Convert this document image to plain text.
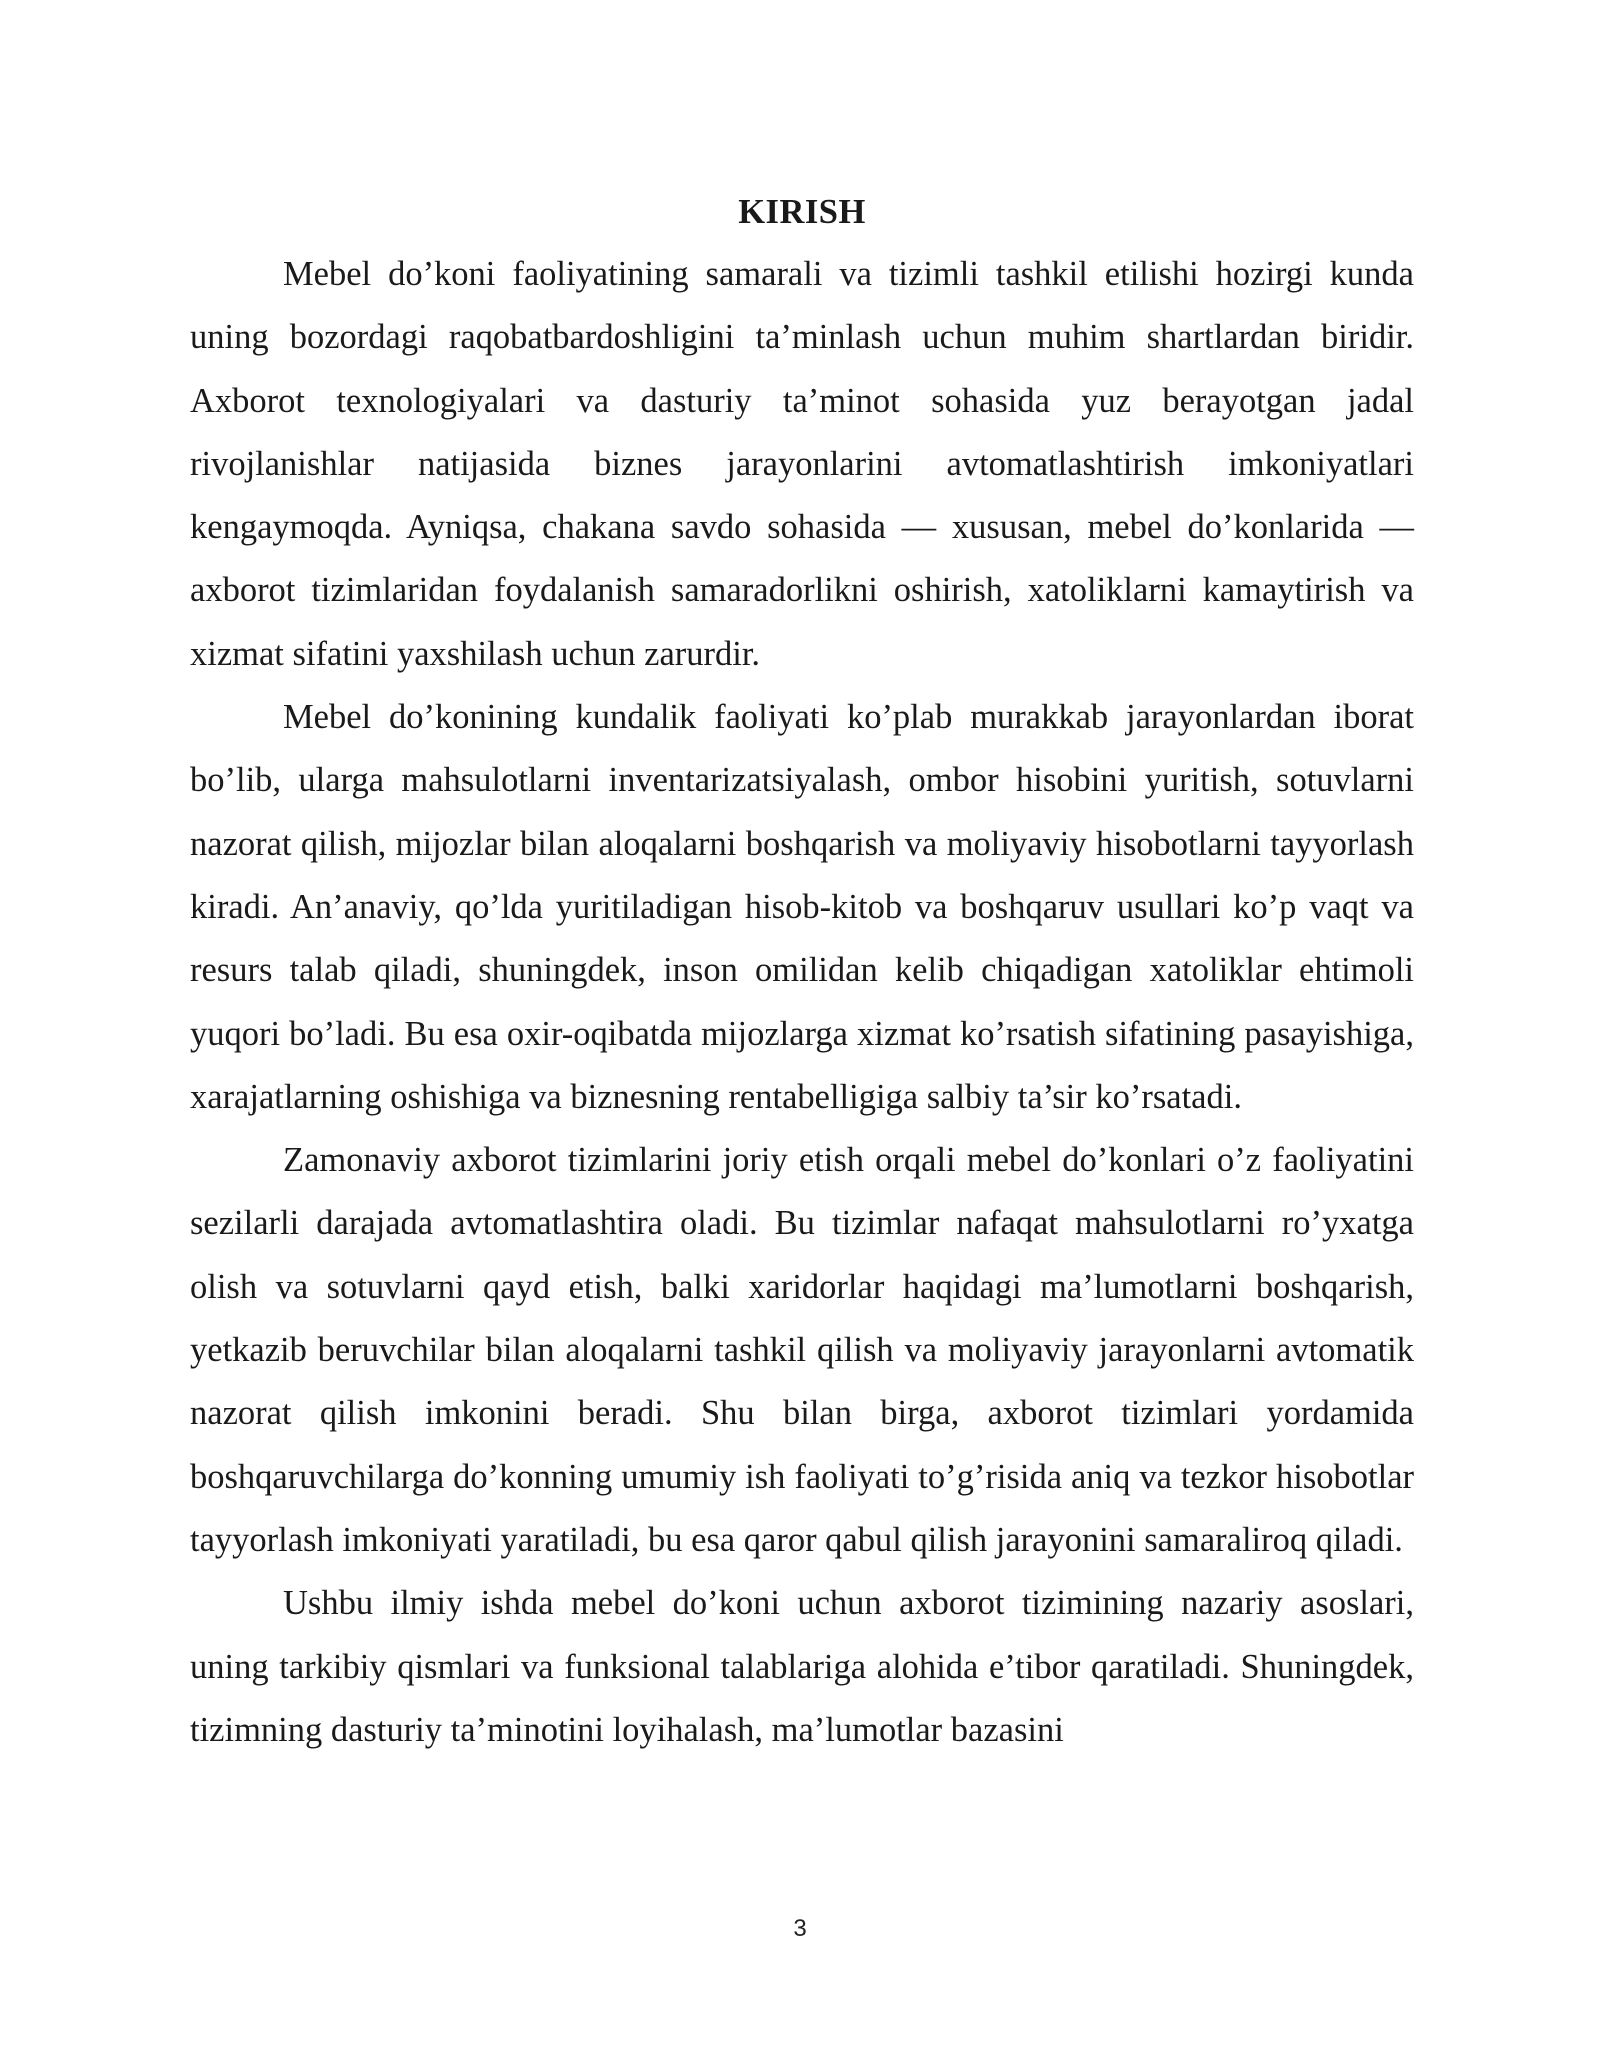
KIRISH

Mebel do’koni faoliyatining samarali va tizimli tashkil etilishi hozirgi kunda uning bozordagi raqobatbardoshligini ta’minlash uchun muhim shartlardan biridir. Axborot texnologiyalari va dasturiy ta’minot sohasida yuz berayotgan jadal rivojlanishlar natijasida biznes jarayonlarini avtomatlashtirish imkoniyatlari kengaymoqda. Ayniqsa, chakana savdo sohasida — xususan, mebel do’konlarida — axborot tizimlaridan foydalanish samaradorlikni oshirish, xatoliklarni kamaytirish va xizmat sifatini yaxshilash uchun zarurdir.

Mebel do’konining kundalik faoliyati ko’plab murakkab jarayonlardan iborat bo’lib, ularga mahsulotlarni inventarizatsiyalash, ombor hisobini yuritish, sotuvlarni nazorat qilish, mijozlar bilan aloqalarni boshqarish va moliyaviy hisobotlarni tayyorlash kiradi. An’anaviy, qo’lda yuritiladigan hisob-kitob va boshqaruv usullari ko’p vaqt va resurs talab qiladi, shuningdek, inson omilidan kelib chiqadigan xatoliklar ehtimoli yuqori bo’ladi. Bu esa oxir-oqibatda mijozlarga xizmat ko’rsatish sifatining pasayishiga, xarajatlarning oshishiga va biznesning rentabelligiga salbiy ta’sir ko’rsatadi.

Zamonaviy axborot tizimlarini joriy etish orqali mebel do’konlari o’z faoliyatini sezilarli darajada avtomatlashtira oladi. Bu tizimlar nafaqat mahsulotlarni ro’yxatga olish va sotuvlarni qayd etish, balki xaridorlar haqidagi ma’lumotlarni boshqarish, yetkazib beruvchilar bilan aloqalarni tashkil qilish va moliyaviy jarayonlarni avtomatik nazorat qilish imkonini beradi. Shu bilan birga, axborot tizimlari yordamida boshqaruvchilarga do’konning umumiy ish faoliyati to’g’risida aniq va tezkor hisobotlar tayyorlash imkoniyati yaratiladi, bu esa qaror qabul qilish jarayonini samaraliroq qiladi.

Ushbu ilmiy ishda mebel do’koni uchun axborot tizimining nazariy asoslari, uning tarkibiy qismlari va funksional talablariga alohida e’tibor qaratiladi. Shuningdek, tizimning dasturiy ta’minotini loyihalash, ma’lumotlar bazasini

3
